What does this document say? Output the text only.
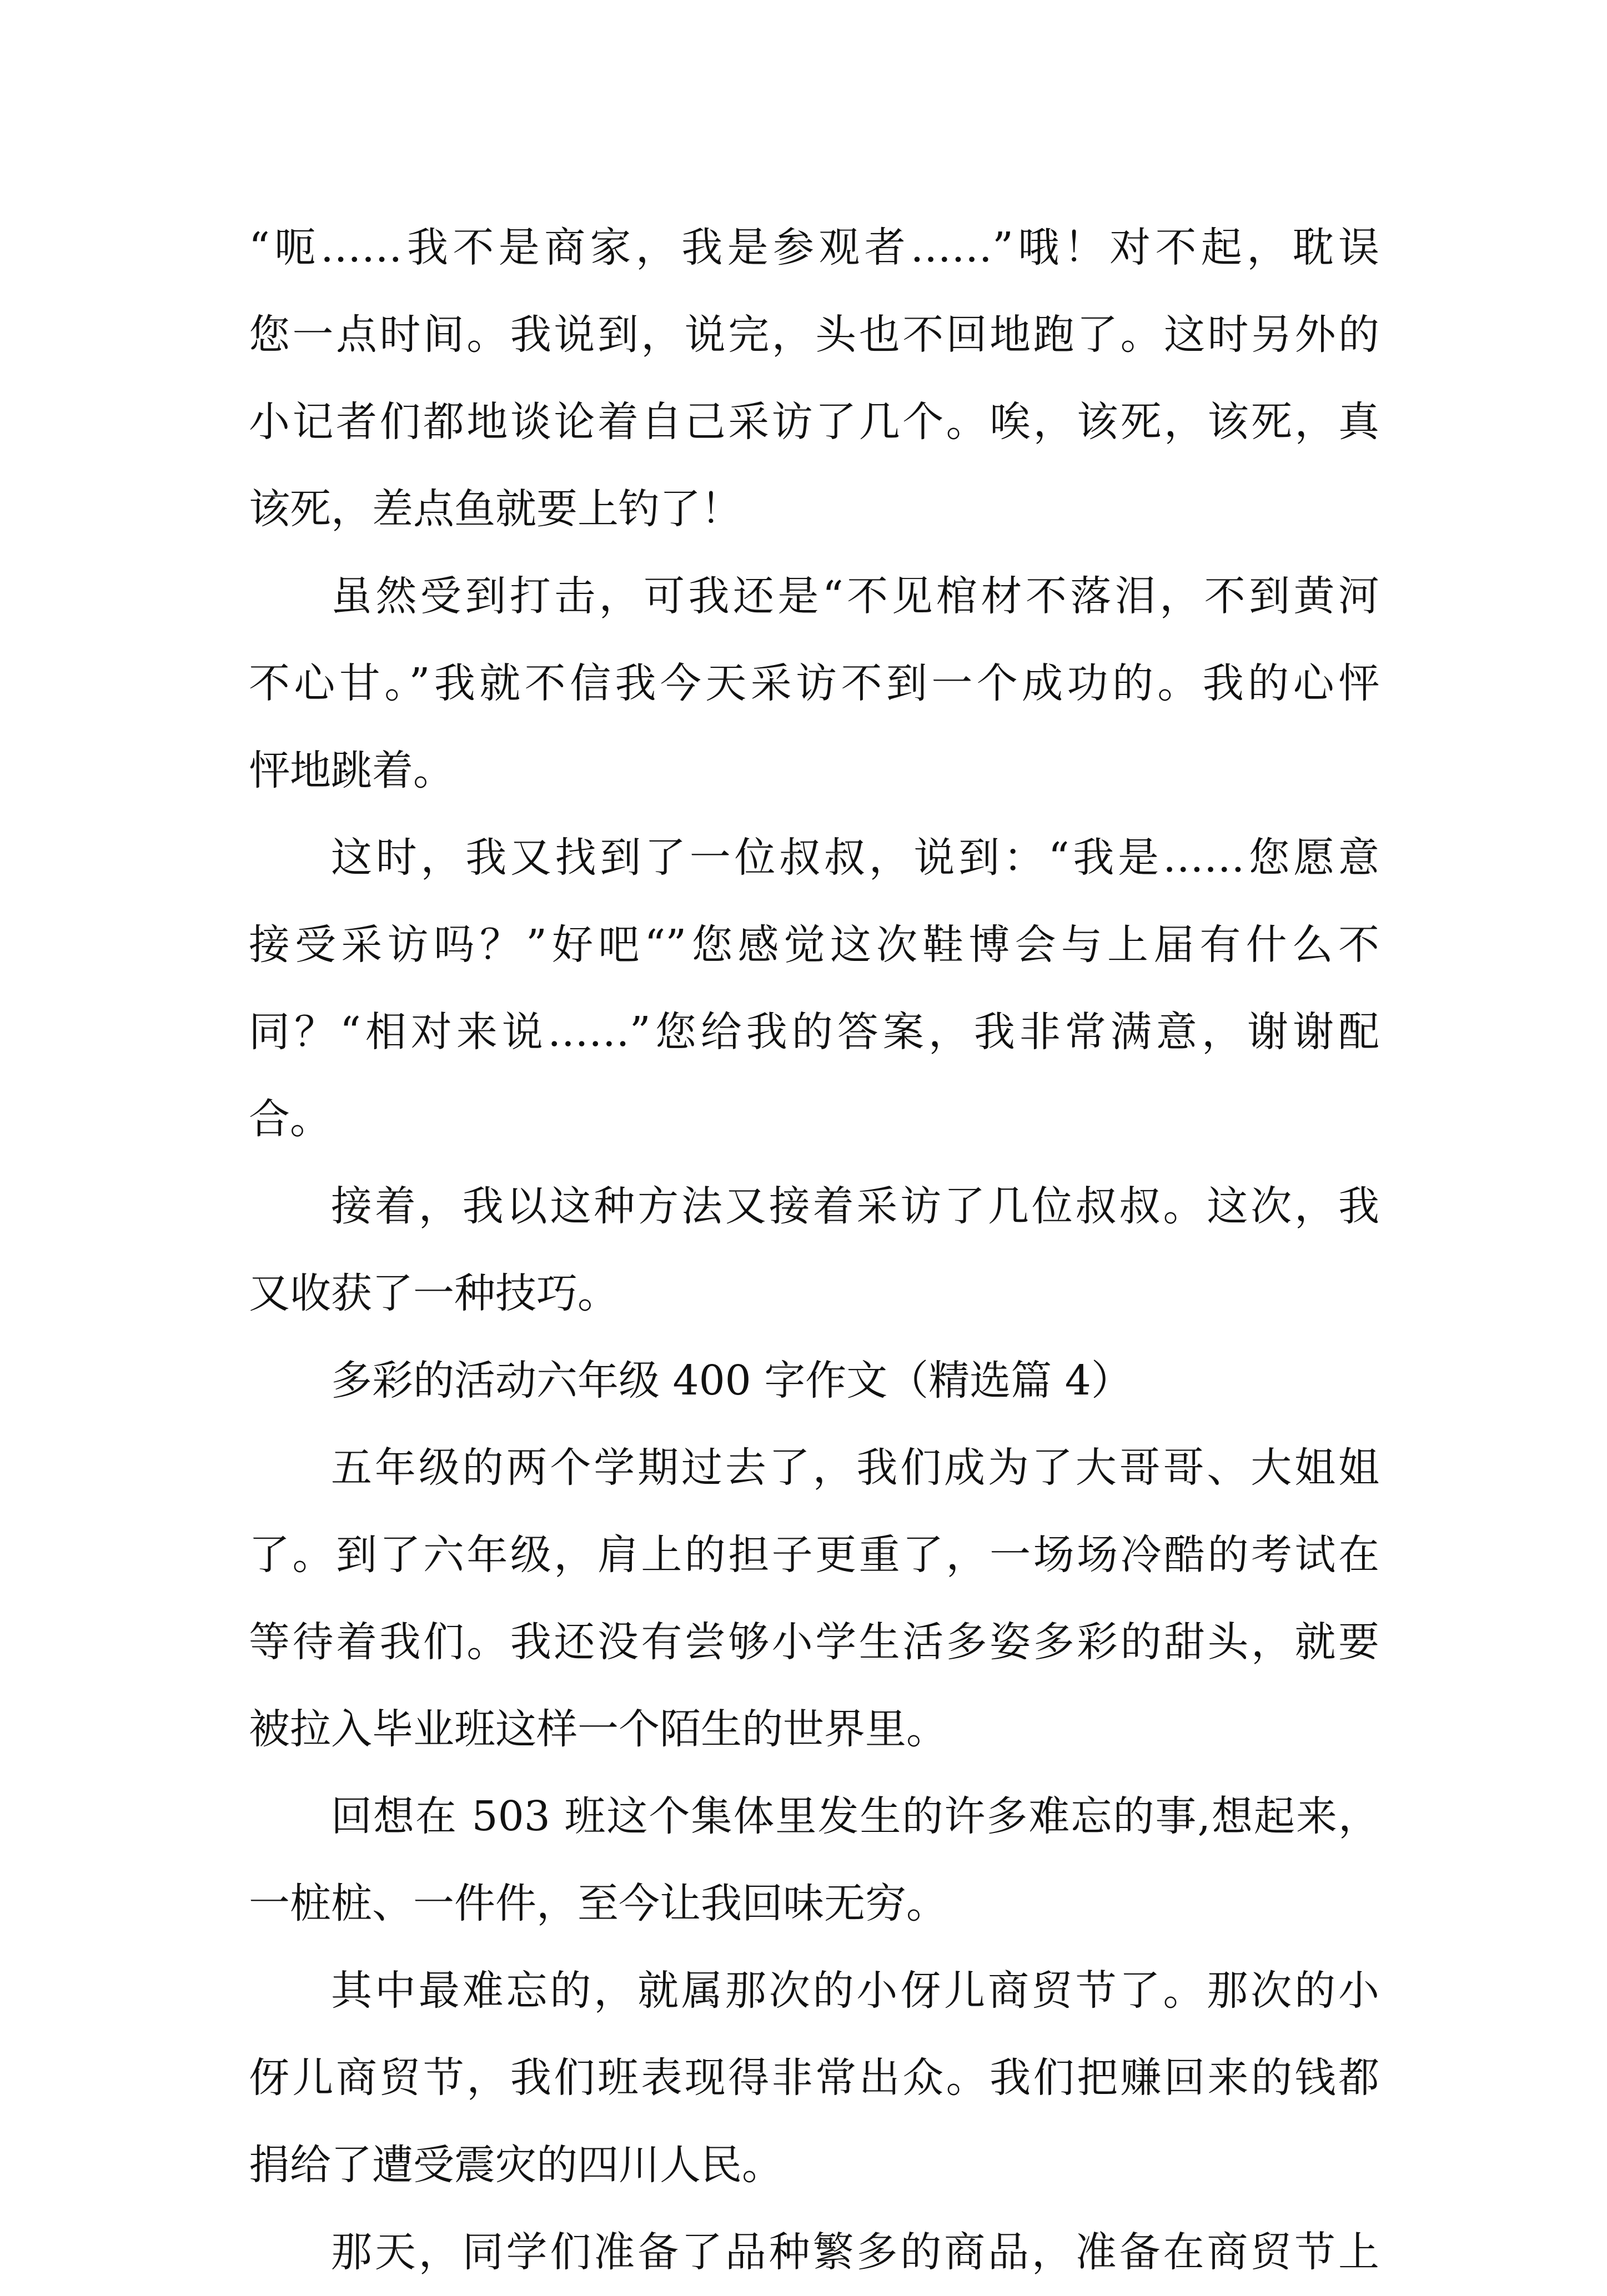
“呃……我不是商家，我是参观者……”哦！对不起，耽误
您一点时间。我说到，说完，头也不回地跑了。这时另外的
小记者们都地谈论着自己采访了几个。唉，该死，该死，真
该死，差点鱼就要上钓了！
虽然受到打击，可我还是“不见棺材不落泪，不到黄河
不心甘。”我就不信我今天采访不到一个成功的。我的心怦
怦地跳着。
这时，我又找到了一位叔叔，说到：“我是……您愿意
接受采访吗？”好吧“”您感觉这次鞋博会与上届有什么不
同？“相对来说……”您给我的答案，我非常满意，谢谢配
合。
接着，我以这种方法又接着采访了几位叔叔。这次，我
又收获了一种技巧。
多彩的活动六年级 400 字作文（精选篇 4）
五年级的两个学期过去了，我们成为了大哥哥、大姐姐
了。到了六年级，肩上的担子更重了，一场场冷酷的考试在
等待着我们。我还没有尝够小学生活多姿多彩的甜头，就要
被拉入毕业班这样一个陌生的世界里。
回想在 503 班这个集体里发生的许多难忘的事,想起来，
一桩桩、一件件，至今让我回味无穷。
其中最难忘的，就属那次的小伢儿商贸节了。那次的小
伢儿商贸节，我们班表现得非常出众。我们把赚回来的钱都
捐给了遭受震灾的四川人民。
那天，同学们准备了品种繁多的商品，准备在商贸节上
